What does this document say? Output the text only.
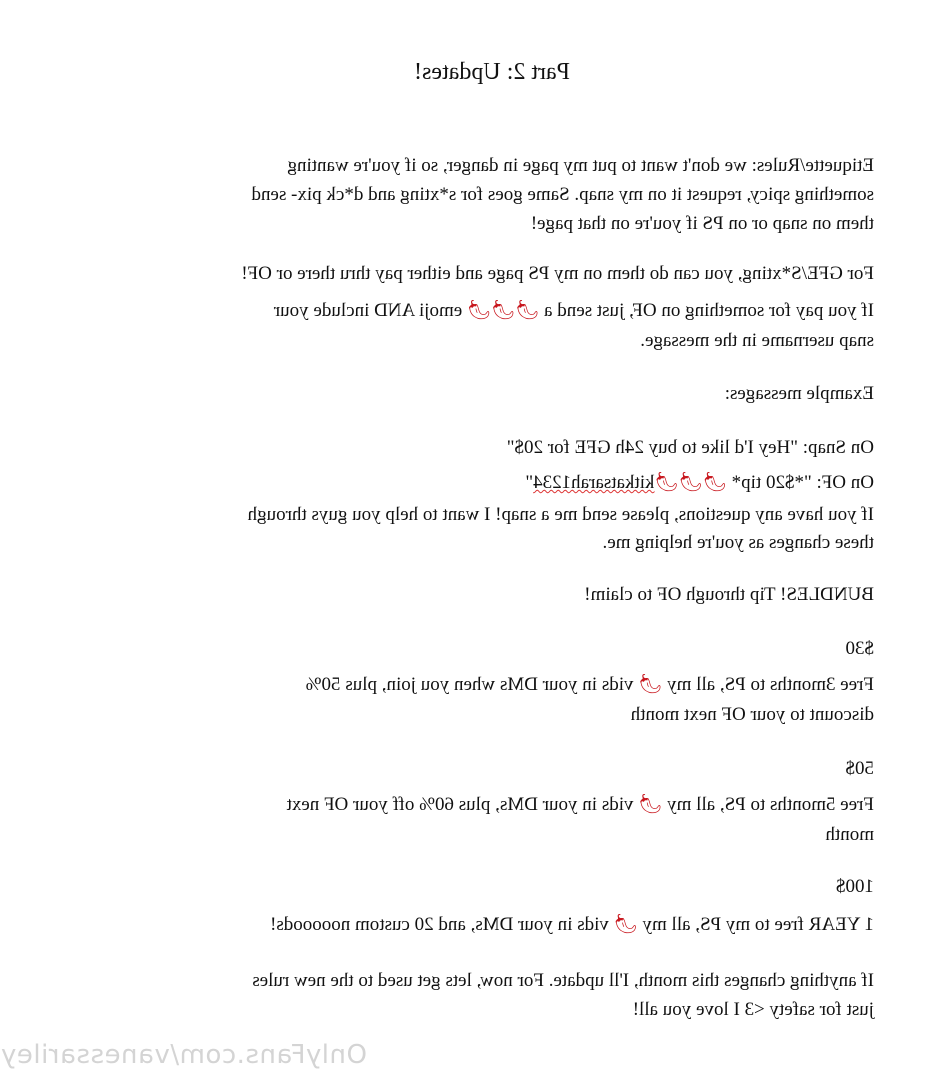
Part 2: Updates!
Etiquette/Rules: we don't want to put my page in danger, so if you're wanting
something spicy, request it on my snap. Same goes for s*xting and d*ck pix- send
them on snap or on PS if you're on that page!
For GFE/S*xting, you can do them on my PS page and either pay thru there or OF!
If you pay for something on OF, just send a 🌶🌶🌶 emoji AND include your
snap username in the message.
Example messages:
On Snap: "Hey I'd like to buy 24h GFE for 20$"
On OF: "*$20 tip* 🌶🌶🌶kitkatsarah1234"
If you have any questions, please send me a snap! I want to help you guys through
these changes as you're helping me.
BUNDLES! Tip through OF to claim!
$30
Free 3months to PS, all my 🌶 vids in your DMs when you join, plus 50%
discount to your OF next month
50$
Free 5months to PS, all my 🌶 vids in your DMs, plus 60% off your OF next
month
100$
1 YEAR free to my PS, all my 🌶 vids in your DMs, and 20 custom nooooods!
If anything changes this month, I'll update. For now, lets get used to the new rules
just for safety <3 I love you all!
OnlyFans.com/vanessariley
